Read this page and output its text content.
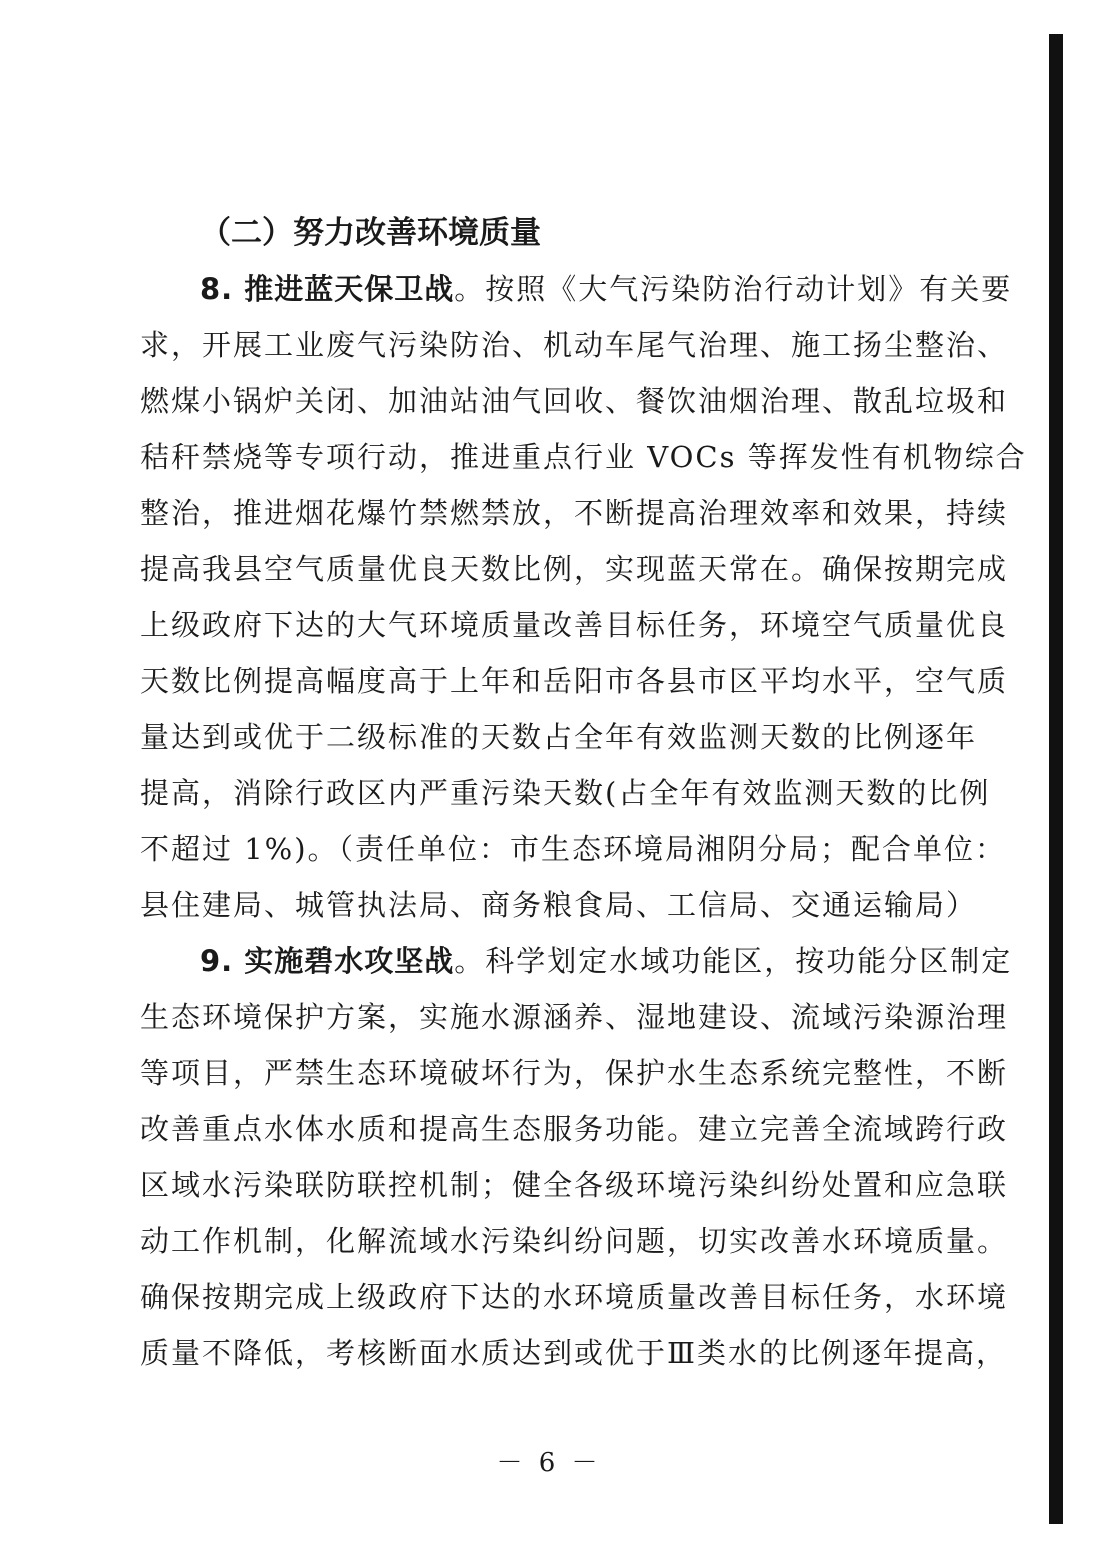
（二）努力改善环境质量
8. 推进蓝天保卫战。按照《大气污染防治行动计划》有关要
求，开展工业废气污染防治、机动车尾气治理、施工扬尘整治、
燃煤小锅炉关闭、加油站油气回收、餐饮油烟治理、散乱垃圾和
秸秆禁烧等专项行动，推进重点行业 VOCs 等挥发性有机物综合
整治，推进烟花爆竹禁燃禁放，不断提高治理效率和效果，持续
提高我县空气质量优良天数比例，实现蓝天常在。确保按期完成
上级政府下达的大气环境质量改善目标任务，环境空气质量优良
天数比例提高幅度高于上年和岳阳市各县市区平均水平，空气质
量达到或优于二级标准的天数占全年有效监测天数的比例逐年
提高，消除行政区内严重污染天数(占全年有效监测天数的比例
不超过 1%)。（责任单位：市生态环境局湘阴分局；配合单位：
县住建局、城管执法局、商务粮食局、工信局、交通运输局）
9. 实施碧水攻坚战。科学划定水域功能区，按功能分区制定
生态环境保护方案，实施水源涵养、湿地建设、流域污染源治理
等项目，严禁生态环境破坏行为，保护水生态系统完整性，不断
改善重点水体水质和提高生态服务功能。建立完善全流域跨行政
区域水污染联防联控机制；健全各级环境污染纠纷处置和应急联
动工作机制，化解流域水污染纠纷问题，切实改善水环境质量。
确保按期完成上级政府下达的水环境质量改善目标任务，水环境
质量不降低，考核断面水质达到或优于Ⅲ类水的比例逐年提高，
－ 6 －
